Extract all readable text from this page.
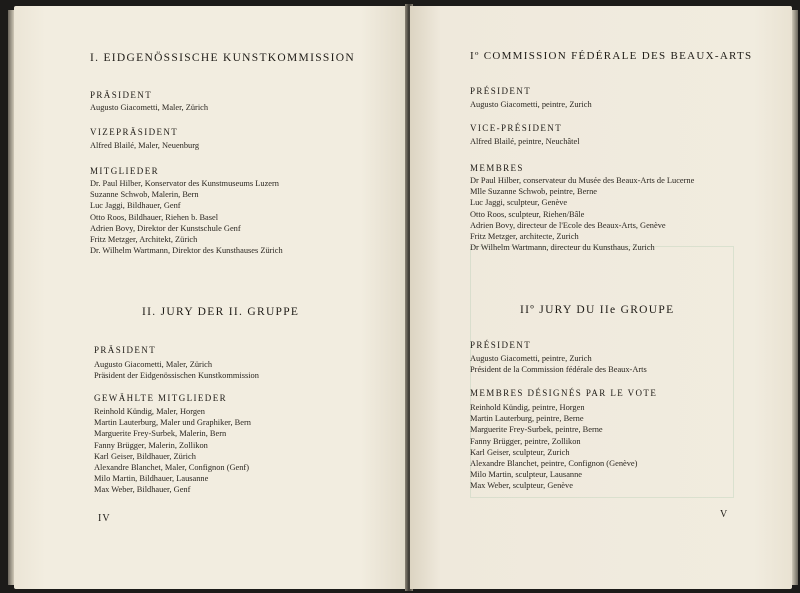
I. EIDGENÖSSISCHE KUNSTKOMMISSION
PRÄSIDENT
Augusto Giacometti, Maler, Zürich
VIZEPRÄSIDENT
Alfred Blailé, Maler, Neuenburg
MITGLIEDER
Dr. Paul Hilber, Konservator des Kunstmuseums Luzern
Suzanne Schwob, Malerin, Bern
Luc Jaggi, Bildhauer, Genf
Otto Roos, Bildhauer, Riehen b. Basel
Adrien Bovy, Direktor der Kunstschule Genf
Fritz Metzger, Architekt, Zürich
Dr. Wilhelm Wartmann, Direktor des Kunsthauses Zürich
II. JURY DER II. GRUPPE
PRÄSIDENT
Augusto Giacometti, Maler, Zürich
Präsident der Eidgenössischen Kunstkommission
GEWÄHLTE MITGLIEDER
Reinhold Kündig, Maler, Horgen
Martin Lauterburg, Maler und Graphiker, Bern
Marguerite Frey-Surbek, Malerin, Bern
Fanny Brügger, Malerin, Zollikon
Karl Geiser, Bildhauer, Zürich
Alexandre Blanchet, Maler, Confignon (Genf)
Milo Martin, Bildhauer, Lausanne
Max Weber, Bildhauer, Genf
IV
Iº COMMISSION FÉDÉRALE DES BEAUX-ARTS
PRÉSIDENT
Augusto Giacometti, peintre, Zurich
VICE-PRÉSIDENT
Alfred Blailé, peintre, Neuchâtel
MEMBRES
Dr Paul Hilber, conservateur du Musée des Beaux-Arts de Lucerne
Mlle Suzanne Schwob, peintre, Berne
Luc Jaggi, sculpteur, Genève
Otto Roos, sculpteur, Riehen/Bâle
Adrien Bovy, directeur de l'Ecole des Beaux-Arts, Genève
Fritz Metzger, architecte, Zurich
Dr Wilhelm Wartmann, directeur du Kunsthaus, Zurich
IIº JURY DU IIe GROUPE
PRÉSIDENT
Augusto Giacometti, peintre, Zurich
Président de la Commission fédérale des Beaux-Arts
MEMBRES DÉSIGNÉS PAR LE VOTE
Reinhold Kündig, peintre, Horgen
Martin Lauterburg, peintre, Berne
Marguerite Frey-Surbek, peintre, Berne
Fanny Brügger, peintre, Zollikon
Karl Geiser, sculpteur, Zurich
Alexandre Blanchet, peintre, Confignon (Genève)
Milo Martin, sculpteur, Lausanne
Max Weber, sculpteur, Genève
V
